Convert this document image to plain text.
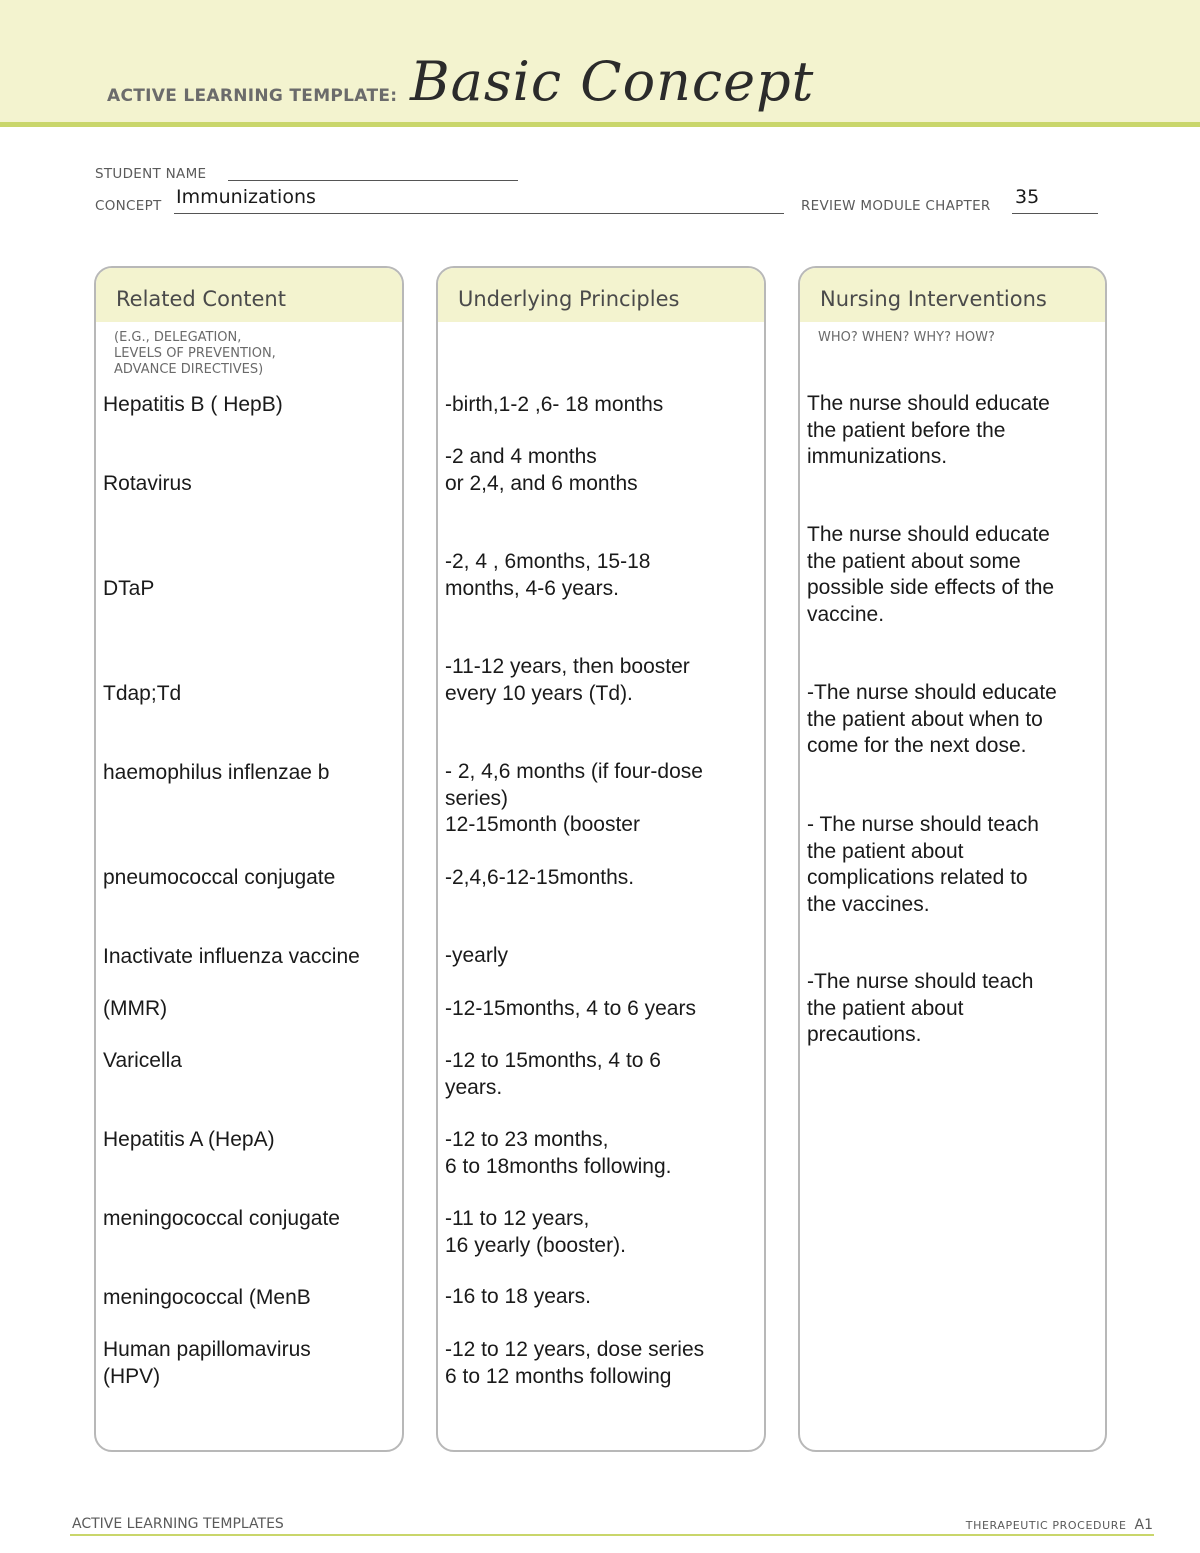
ACTIVE LEARNING TEMPLATE: Basic Concept
STUDENT NAME
CONCEPT Immunizations	REVIEW MODULE CHAPTER 35
Related Content
(E.G., DELEGATION,
LEVELS OF PREVENTION,
ADVANCE DIRECTIVES)
Hepatitis B ( HepB)
Rotavirus
DTaP
Tdap;Td
haemophilus inflenzae b
pneumococcal conjugate
Inactivate influenza vaccine
(MMR)
Varicella
Hepatitis A (HepA)
meningococcal conjugate
meningococcal (MenB
Human papillomavirus
(HPV)
Underlying Principles
-birth,1-2 ,6- 18 months
-2 and 4 months
or 2,4, and 6 months
-2, 4 , 6months, 15-18
months, 4-6 years.
-11-12 years, then booster
every 10 years (Td).
- 2, 4,6 months (if four-dose
series)
12-15month (booster
-2,4,6-12-15months.
-yearly
-12-15months, 4 to 6 years
-12 to 15months, 4 to 6
years.
-12 to 23 months,
6 to 18months following.
-11 to 12 years,
16 yearly (booster).
-16 to 18 years.
-12 to 12 years, dose series
6 to 12 months following
Nursing Interventions
WHO? WHEN? WHY? HOW?
The nurse should educate
the patient before the
immunizations.
The nurse should educate
the patient about some
possible side effects of the
vaccine.
-The nurse should educate
the patient about when to
come for the next dose.
- The nurse should teach
the patient about
complications related to
the vaccines.
-The nurse should teach
the patient about
precautions.
ACTIVE LEARNING TEMPLATES	THERAPEUTIC PROCEDURE A1
